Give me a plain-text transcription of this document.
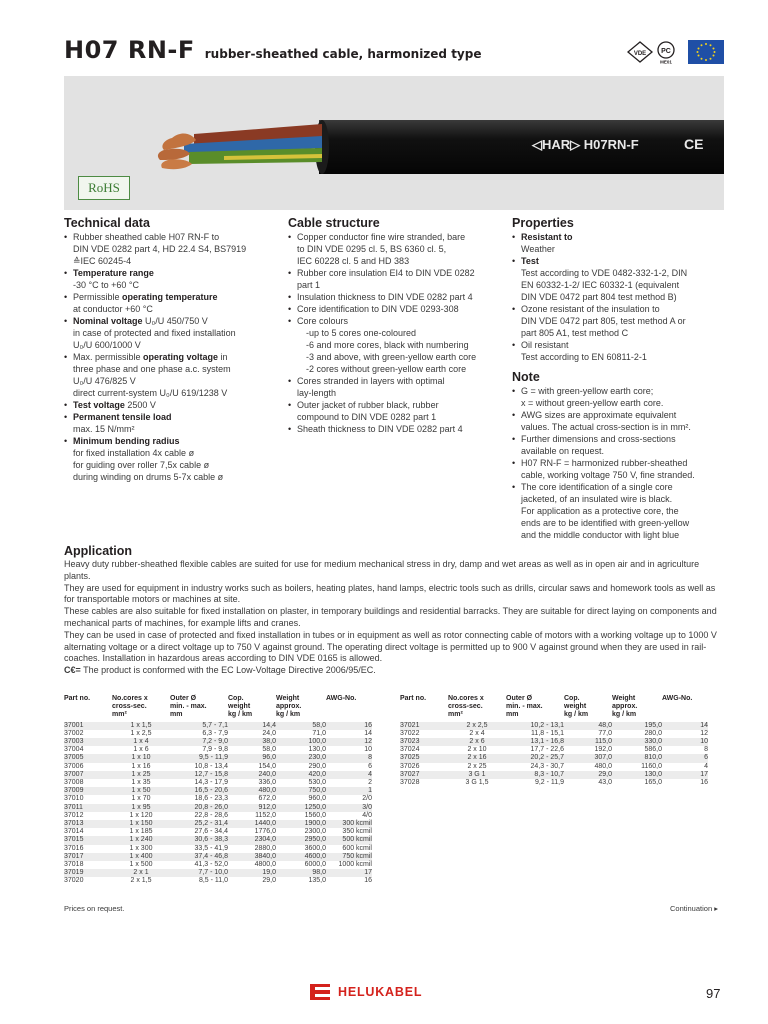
H07 RN-F rubber-sheathed cable, harmonized type	VDE PC
ME01
RoHS
◁HAR▷ H07RN-F	CE
Technical data
• Rubber sheathed cable H07 RN-F to
DIN VDE 0282 part 4, HD 22.4 S4, BS7919
≙IEC 60245-4
• Temperature range
-30 °C to +60 °C
• Permissible operating temperature
at conductor +60 °C
• Nominal voltage U₀/U 450/750 V
in case of protected and fixed installation
U₀/U 600/1000 V
• Max. permissible operating voltage in
three phase and one phase a.c. system
U₀/U 476/825 V
direct current-system U₀/U 619/1238 V
• Test voltage 2500 V
• Permanent tensile load
max. 15 N/mm²
• Minimum bending radius
for fixed installation 4x cable ø
for guiding over roller 7,5x cable ø
during winding on drums 5-7x cable ø
Cable structure
• Copper conductor fine wire stranded, bare
to DIN VDE 0295 cl. 5, BS 6360 cl. 5,
IEC 60228 cl. 5 and HD 383
• Rubber core insulation EI4 to DIN VDE 0282
part 1
• Insulation thickness to DIN VDE 0282 part 4
• Core identification to DIN VDE 0293-308
• Core colours
-up to 5 cores one-coloured
-6 and more cores, black with numbering
-3 and above, with green-yellow earth core
-2 cores without green-yellow earth core
• Cores stranded in layers with optimal
lay-length
• Outer jacket of rubber black, rubber
compound to DIN VDE 0282 part 1
• Sheath thickness to DIN VDE 0282 part 4
Properties
• Resistant to
Weather
• Test
Test according to VDE 0482-332-1-2, DIN
EN 60332-1-2/ IEC 60332-1 (equivalent
DIN VDE 0472 part 804 test method B)
• Ozone resistant of the insulation to
DIN VDE 0472 part 805, test method A or
part 805 A1, test method C
• Oil resistant
Test according to EN 60811-2-1
Note
• G = with green-yellow earth core;
x = without green-yellow earth core.
• AWG sizes are approximate equivalent
values. The actual cross-section is in mm².
• Further dimensions and cross-sections
available on request.
• H07 RN-F = harmonized rubber-sheathed
cable, working voltage 750 V, fine stranded.
• The core identification of a single core
jacketed, of an insulated wire is black.
For application as a protective core, the
ends are to be identified with green-yellow
and the middle conductor with light blue
Application

Heavy duty rubber-sheathed flexible cables are suited for use for medium mechanical stress in dry, damp and wet areas as well as in open air and in agriculture plants.

They are used for equipment in industry works such as boilers, heating plates, hand lamps, electric tools such as drills, circular saws and homework tools as well as for transportable motors or machines at site.

These cables are also suitable for fixed installation on plaster, in temporary buildings and residential barracks. They are suitable for direct laying on components and mechanical parts of machines, for example lifts and cranes.

They can be used in case of protected and fixed installation in tubes or in equipment as well as rotor connecting cable of motors with a working voltage up to 1000 V alternating voltage or a direct voltage up to 750 V against ground. The operating direct voltage is permitted up to 900 V against ground when they are used in rail-coaches. Installation in hazardous areas according to DIN VDE 0165 is allowed.

C€= The product is conformed with the EC Low-Voltage Directive 2006/95/EC.

Part no.	No.cores x
cross-sec.
mm²	Outer Ø
min. - max.
mm	Cop.
weight
kg / km	Weight
approx.
kg / km	AWG-No.
37001	1 x 1,5	5,7 - 7,1	14,4	58,0	16
37002	1 x 2,5	6,3 - 7,9	24,0	71,0	14
37003	1 x 4	7,2 - 9,0	38,0	100,0	12
37004	1 x 6	7,9 - 9,8	58,0	130,0	10
37005	1 x 10	9,5 - 11,9	96,0	230,0	8
37006	1 x 16	10,8 - 13,4	154,0	290,0	6
37007	1 x 25	12,7 - 15,8	240,0	420,0	4
37008	1 x 35	14,3 - 17,9	336,0	530,0	2
37009	1 x 50	16,5 - 20,6	480,0	750,0	1
37010	1 x 70	18,6 - 23,3	672,0	960,0	2/0
37011	1 x 95	20,8 - 26,0	912,0	1250,0	3/0
37012	1 x 120	22,8 - 28,6	1152,0	1560,0	4/0
37013	1 x 150	25,2 - 31,4	1440,0	1900,0	300 kcmil
37014	1 x 185	27,6 - 34,4	1776,0	2300,0	350 kcmil
37015	1 x 240	30,6 - 38,3	2304,0	2950,0	500 kcmil
37016	1 x 300	33,5 - 41,9	2880,0	3600,0	600 kcmil
37017	1 x 400	37,4 - 46,8	3840,0	4600,0	750 kcmil
37018	1 x 500	41,3 - 52,0	4800,0	6000,0	1000 kcmil
37019	2 x 1	7,7 - 10,0	19,0	98,0	17
37020	2 x 1,5	8,5 - 11,0	29,0	135,0	16
Part no.	No.cores x
cross-sec.
mm²	Outer Ø
min. - max.
mm	Cop.
weight
kg / km	Weight
approx.
kg / km	AWG-No.
37021	2 x 2,5	10,2 - 13,1	48,0	195,0	14
37022	2 x 4	11,8 - 15,1	77,0	280,0	12
37023	2 x 6	13,1 - 16,8	115,0	330,0	10
37024	2 x 10	17,7 - 22,6	192,0	586,0	8
37025	2 x 16	20,2 - 25,7	307,0	810,0	6
37026	2 x 25	24,3 - 30,7	480,0	1160,0	4
37027	3 G 1	8,3 - 10,7	29,0	130,0	17
37028	3 G 1,5	9,2 - 11,9	43,0	165,0	16
Prices on request.	Continuation ▸
HELUKABEL	97
